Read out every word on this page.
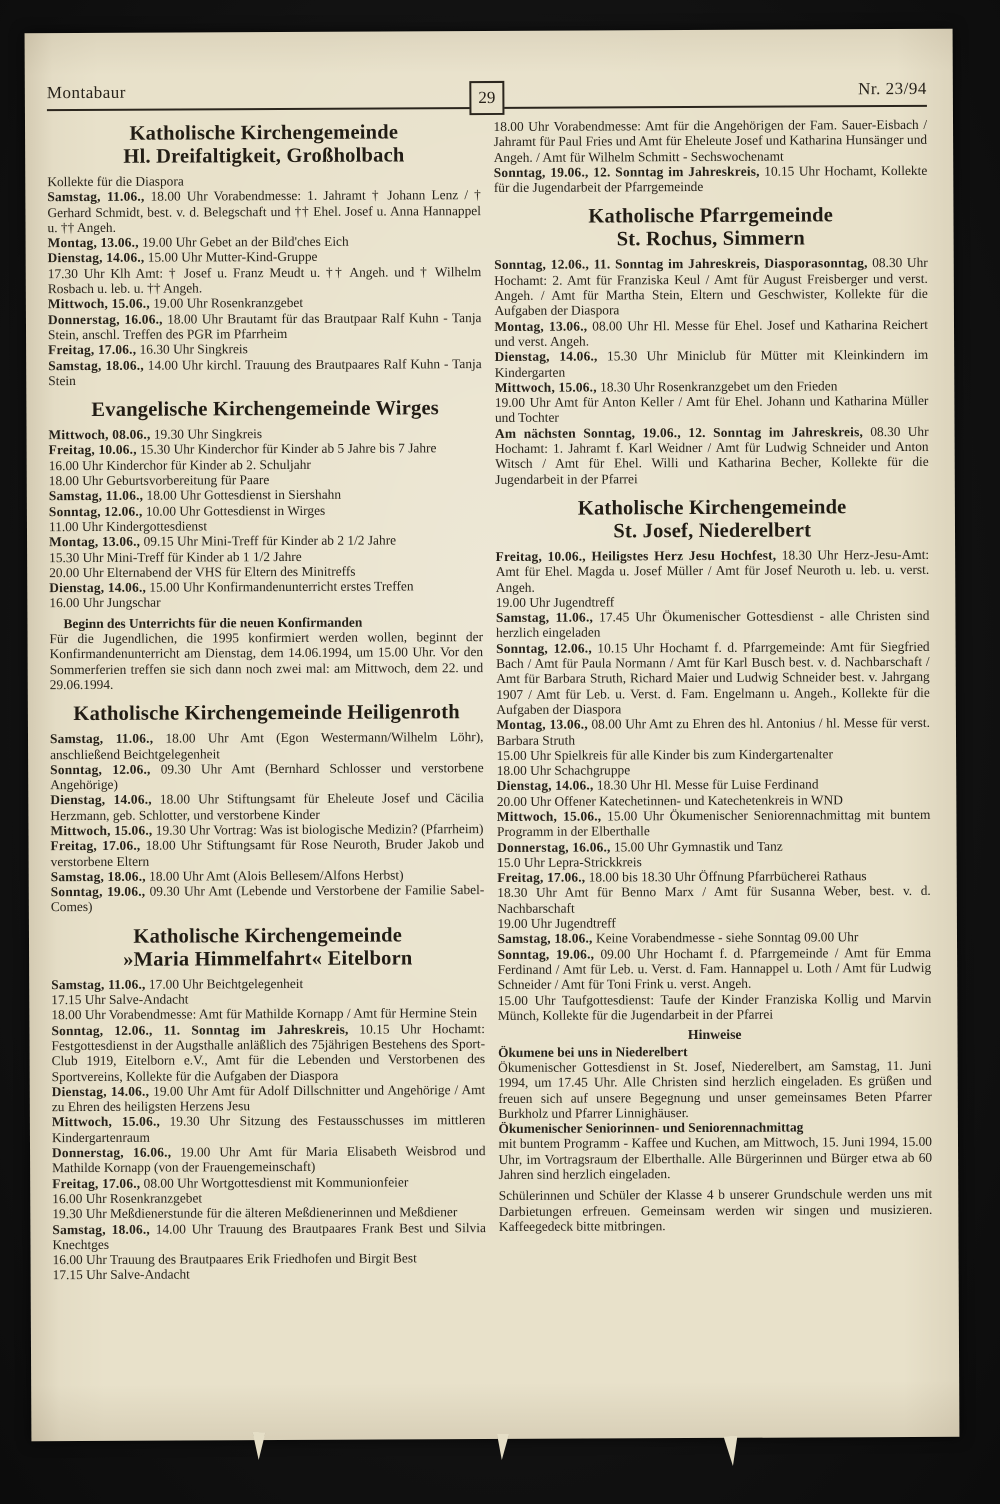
Montabaur	29	Nr. 23/94
Katholische Kirchengemeinde
Hl. Dreifaltigkeit, Großholbach

Kollekte für die Diaspora

Samstag, 11.06., 18.00 Uhr Vorabendmesse: 1. Jahramt † Johann Lenz / † Gerhard Schmidt, best. v. d. Belegschaft und †† Ehel. Josef u. Anna Hannappel u. †† Angeh.

Montag, 13.06., 19.00 Uhr Gebet an der Bild'ches Eich

Dienstag, 14.06., 15.00 Uhr Mutter-Kind-Gruppe

17.30 Uhr Klh Amt: † Josef u. Franz Meudt u. †† Angeh. und † Wilhelm Rosbach u. leb. u. †† Angeh.

Mittwoch, 15.06., 19.00 Uhr Rosenkranzgebet

Donnerstag, 16.06., 18.00 Uhr Brautamt für das Brautpaar Ralf Kuhn - Tanja Stein, anschl. Treffen des PGR im Pfarrheim

Freitag, 17.06., 16.30 Uhr Singkreis

Samstag, 18.06., 14.00 Uhr kirchl. Trauung des Brautpaares Ralf Kuhn - Tanja Stein

Evangelische Kirchengemeinde Wirges

Mittwoch, 08.06., 19.30 Uhr Singkreis

Freitag, 10.06., 15.30 Uhr Kinderchor für Kinder ab 5 Jahre bis 7 Jahre

16.00 Uhr Kinderchor für Kinder ab 2. Schuljahr

18.00 Uhr Geburtsvorbereitung für Paare

Samstag, 11.06., 18.00 Uhr Gottesdienst in Siershahn

Sonntag, 12.06., 10.00 Uhr Gottesdienst in Wirges

11.00 Uhr Kindergottesdienst

Montag, 13.06., 09.15 Uhr Mini-Treff für Kinder ab 2 1/2 Jahre

15.30 Uhr Mini-Treff für Kinder ab 1 1/2 Jahre

20.00 Uhr Elternabend der VHS für Eltern des Minitreffs

Dienstag, 14.06., 15.00 Uhr Konfirmandenunterricht erstes Treffen

16.00 Uhr Jungschar

Beginn des Unterrichts für die neuen Konfirmanden

Für die Jugendlichen, die 1995 konfirmiert werden wollen, beginnt der Konfirmandenunterricht am Dienstag, dem 14.06.1994, um 15.00 Uhr. Vor den Sommerferien treffen sie sich dann noch zwei mal: am Mittwoch, dem 22. und 29.06.1994.

Katholische Kirchengemeinde Heiligenroth

Samstag, 11.06., 18.00 Uhr Amt (Egon Westermann/Wilhelm Löhr), anschließend Beichtgelegenheit

Sonntag, 12.06., 09.30 Uhr Amt (Bernhard Schlosser und verstorbene Angehörige)

Dienstag, 14.06., 18.00 Uhr Stiftungsamt für Eheleute Josef und Cäcilia Herzmann, geb. Schlotter, und verstorbene Kinder

Mittwoch, 15.06., 19.30 Uhr Vortrag: Was ist biologische Medizin? (Pfarrheim)

Freitag, 17.06., 18.00 Uhr Stiftungsamt für Rose Neuroth, Bruder Jakob und verstorbene Eltern

Samstag, 18.06., 18.00 Uhr Amt (Alois Bellesem/Alfons Herbst)

Sonntag, 19.06., 09.30 Uhr Amt (Lebende und Verstorbene der Familie Sabel-Comes)

Katholische Kirchengemeinde
»Maria Himmelfahrt« Eitelborn

Samstag, 11.06., 17.00 Uhr Beichtgelegenheit

17.15 Uhr Salve-Andacht

18.00 Uhr Vorabendmesse: Amt für Mathilde Kornapp / Amt für Hermine Stein

Sonntag, 12.06., 11. Sonntag im Jahreskreis, 10.15 Uhr Hochamt: Festgottesdienst in der Augsthalle anläßlich des 75jährigen Bestehens des Sport-Club 1919, Eitelborn e.V., Amt für die Lebenden und Verstorbenen des Sportvereins, Kollekte für die Aufgaben der Diaspora

Dienstag, 14.06., 19.00 Uhr Amt für Adolf Dillschnitter und Angehörige / Amt zu Ehren des heiligsten Herzens Jesu

Mittwoch, 15.06., 19.30 Uhr Sitzung des Festausschusses im mittleren Kindergartenraum

Donnerstag, 16.06., 19.00 Uhr Amt für Maria Elisabeth Weisbrod und Mathilde Kornapp (von der Frauengemeinschaft)

Freitag, 17.06., 08.00 Uhr Wortgottesdienst mit Kommunionfeier

16.00 Uhr Rosenkranzgebet

19.30 Uhr Meßdienerstunde für die älteren Meßdienerinnen und Meßdiener

Samstag, 18.06., 14.00 Uhr Trauung des Brautpaares Frank Best und Silvia Knechtges

16.00 Uhr Trauung des Brautpaares Erik Friedhofen und Birgit Best

17.15 Uhr Salve-Andacht

18.00 Uhr Vorabendmesse: Amt für die Angehörigen der Fam. Sauer-Eisbach / Jahramt für Paul Fries und Amt für Eheleute Josef und Katharina Hunsänger und Angeh. / Amt für Wilhelm Schmitt - Sechswochenamt

Sonntag, 19.06., 12. Sonntag im Jahreskreis, 10.15 Uhr Hochamt, Kollekte für die Jugendarbeit der Pfarrgemeinde

Katholische Pfarrgemeinde
St. Rochus, Simmern

Sonntag, 12.06., 11. Sonntag im Jahreskreis, Diasporasonntag, 08.30 Uhr Hochamt: 2. Amt für Franziska Keul / Amt für August Freisberger und verst. Angeh. / Amt für Martha Stein, Eltern und Geschwister, Kollekte für die Aufgaben der Diaspora

Montag, 13.06., 08.00 Uhr Hl. Messe für Ehel. Josef und Katharina Reichert und verst. Angeh.

Dienstag, 14.06., 15.30 Uhr Miniclub für Mütter mit Kleinkindern im Kindergarten

Mittwoch, 15.06., 18.30 Uhr Rosenkranzgebet um den Frieden

19.00 Uhr Amt für Anton Keller / Amt für Ehel. Johann und Katharina Müller und Tochter

Am nächsten Sonntag, 19.06., 12. Sonntag im Jahreskreis, 08.30 Uhr Hochamt: 1. Jahramt f. Karl Weidner / Amt für Ludwig Schneider und Anton Witsch / Amt für Ehel. Willi und Katharina Becher, Kollekte für die Jugendarbeit in der Pfarrei

Katholische Kirchengemeinde
St. Josef, Niederelbert

Freitag, 10.06., Heiligstes Herz Jesu Hochfest, 18.30 Uhr Herz-Jesu-Amt: Amt für Ehel. Magda u. Josef Müller / Amt für Josef Neuroth u. leb. u. verst. Angeh.

19.00 Uhr Jugendtreff

Samstag, 11.06., 17.45 Uhr Ökumenischer Gottesdienst - alle Christen sind herzlich eingeladen

Sonntag, 12.06., 10.15 Uhr Hochamt f. d. Pfarrgemeinde: Amt für Siegfried Bach / Amt für Paula Normann / Amt für Karl Busch best. v. d. Nachbarschaft / Amt für Barbara Struth, Richard Maier und Ludwig Schneider best. v. Jahrgang 1907 / Amt für Leb. u. Verst. d. Fam. Engelmann u. Angeh., Kollekte für die Aufgaben der Diaspora

Montag, 13.06., 08.00 Uhr Amt zu Ehren des hl. Antonius / hl. Messe für verst. Barbara Struth

15.00 Uhr Spielkreis für alle Kinder bis zum Kindergartenalter

18.00 Uhr Schachgruppe

Dienstag, 14.06., 18.30 Uhr Hl. Messe für Luise Ferdinand

20.00 Uhr Offener Katechetinnen- und Katechetenkreis in WND

Mittwoch, 15.06., 15.00 Uhr Ökumenischer Seniorennachmittag mit buntem Programm in der Elberthalle

Donnerstag, 16.06., 15.00 Uhr Gymnastik und Tanz

15.0 Uhr Lepra-Strickkreis

Freitag, 17.06., 18.00 bis 18.30 Uhr Öffnung Pfarrbücherei Rathaus

18.30 Uhr Amt für Benno Marx / Amt für Susanna Weber, best. v. d. Nachbarschaft

19.00 Uhr Jugendtreff

Samstag, 18.06., Keine Vorabendmesse - siehe Sonntag 09.00 Uhr

Sonntag, 19.06., 09.00 Uhr Hochamt f. d. Pfarrgemeinde / Amt für Emma Ferdinand / Amt für Leb. u. Verst. d. Fam. Hannappel u. Loth / Amt für Ludwig Schneider / Amt für Toni Frink u. verst. Angeh.

15.00 Uhr Taufgottesdienst: Taufe der Kinder Franziska Kollig und Marvin Münch, Kollekte für die Jugendarbeit in der Pfarrei

Hinweise

Ökumene bei uns in Niederelbert

Ökumenischer Gottesdienst in St. Josef, Niederelbert, am Samstag, 11. Juni 1994, um 17.45 Uhr. Alle Christen sind herzlich eingeladen. Es grüßen und freuen sich auf unsere Begegnung und unser gemeinsames Beten Pfarrer Burkholz und Pfarrer Linnighäuser.

Ökumenischer Seniorinnen- und Seniorennachmittag

mit buntem Programm - Kaffee und Kuchen, am Mittwoch, 15. Juni 1994, 15.00 Uhr, im Vortragsraum der Elberthalle. Alle Bürgerinnen und Bürger etwa ab 60 Jahren sind herzlich eingeladen.

Schülerinnen und Schüler der Klasse 4 b unserer Grundschule werden uns mit Darbietungen erfreuen. Gemeinsam werden wir singen und musizieren. Kaffeegedeck bitte mitbringen.
